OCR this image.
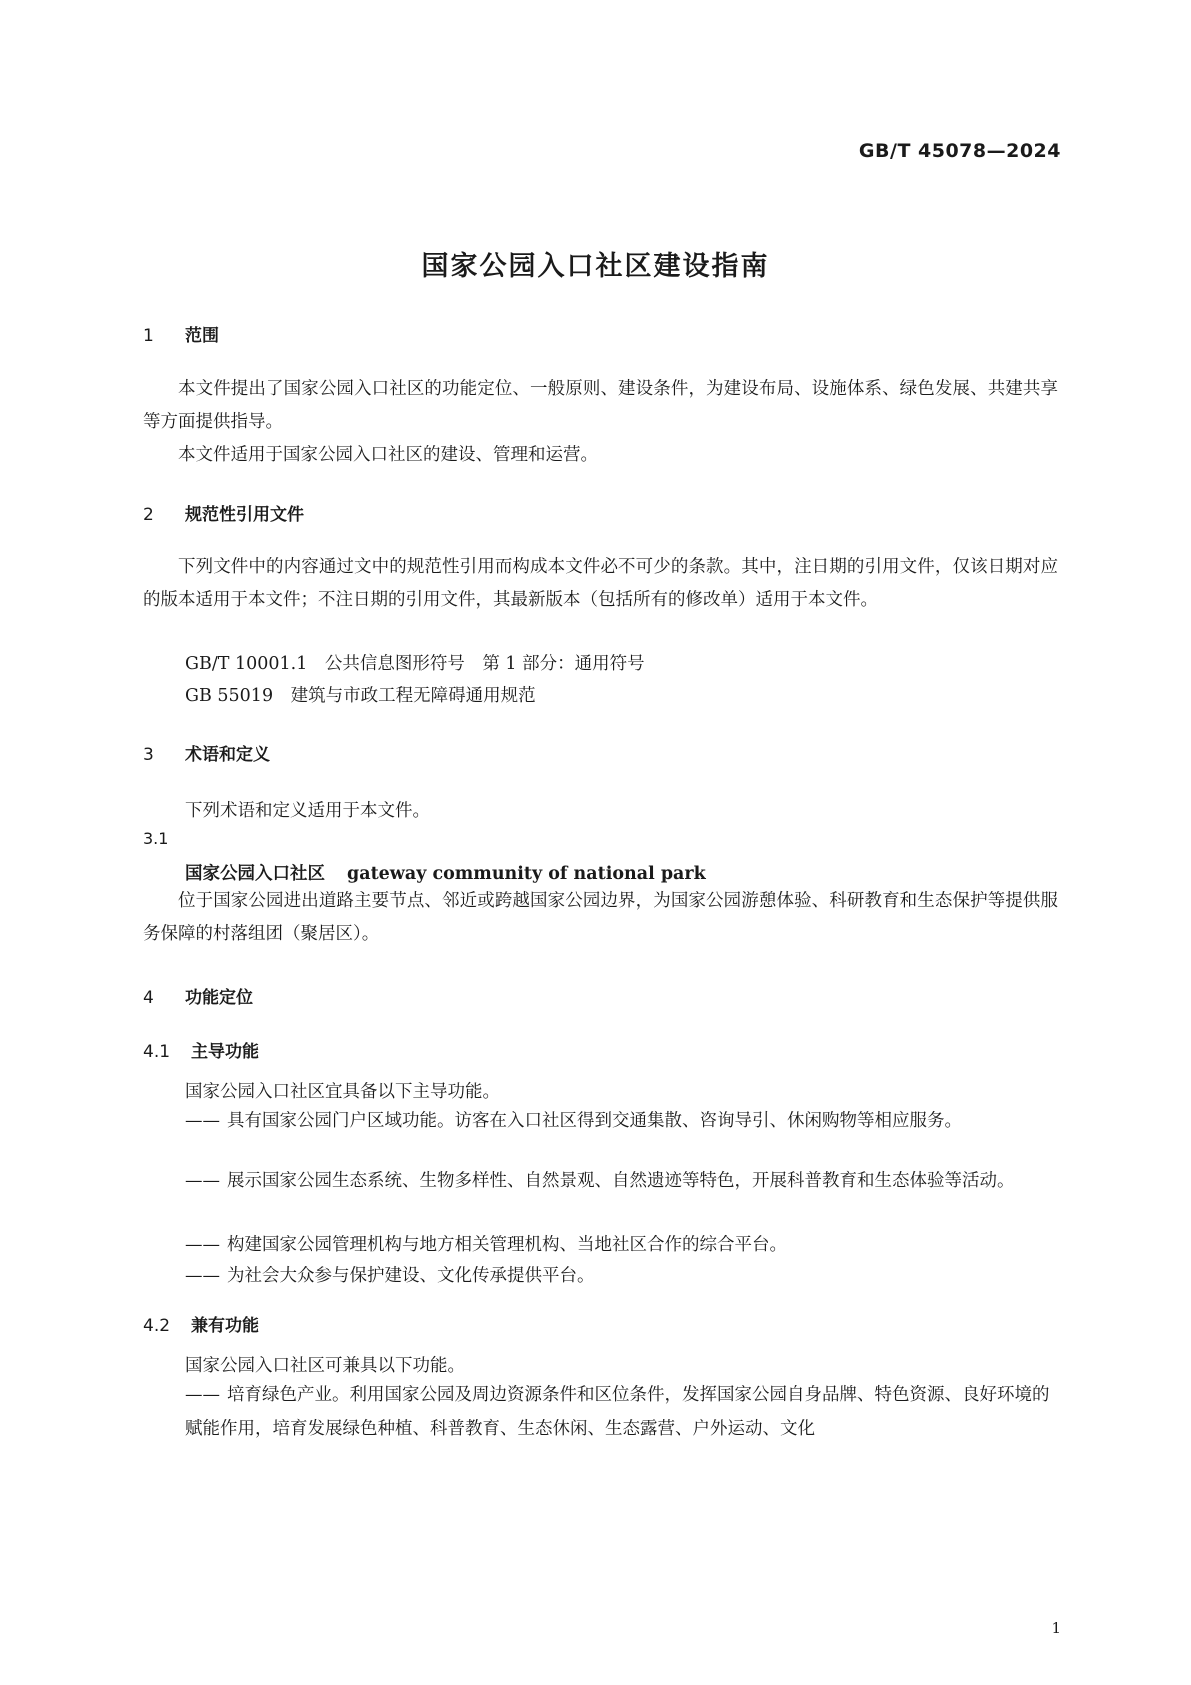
GB/T 45078—2024
国家公园入口社区建设指南
1 范围
本文件提出了国家公园入口社区的功能定位、一般原则、建设条件，为建设布局、设施体系、绿色发展、共建共享等方面提供指导。
本文件适用于国家公园入口社区的建设、管理和运营。
2 规范性引用文件
下列文件中的内容通过文中的规范性引用而构成本文件必不可少的条款。其中，注日期的引用文件，仅该日期对应的版本适用于本文件；不注日期的引用文件，其最新版本（包括所有的修改单）适用于本文件。
GB/T 10001.1　公共信息图形符号　第 1 部分：通用符号
GB 55019　建筑与市政工程无障碍通用规范
3 术语和定义
下列术语和定义适用于本文件。
3.1
国家公园入口社区 gateway community of national park
位于国家公园进出道路主要节点、邻近或跨越国家公园边界，为国家公园游憩体验、科研教育和生态保护等提供服务保障的村落组团（聚居区）。
4 功能定位
4.1 主导功能
国家公园入口社区宜具备以下主导功能。
—— 具有国家公园门户区域功能。访客在入口社区得到交通集散、咨询导引、休闲购物等相应服务。
—— 展示国家公园生态系统、生物多样性、自然景观、自然遗迹等特色，开展科普教育和生态体验等活动。
—— 构建国家公园管理机构与地方相关管理机构、当地社区合作的综合平台。
—— 为社会大众参与保护建设、文化传承提供平台。
4.2 兼有功能
国家公园入口社区可兼具以下功能。
—— 培育绿色产业。利用国家公园及周边资源条件和区位条件，发挥国家公园自身品牌、特色资源、良好环境的赋能作用，培育发展绿色种植、科普教育、生态休闲、生态露营、户外运动、文化
1
